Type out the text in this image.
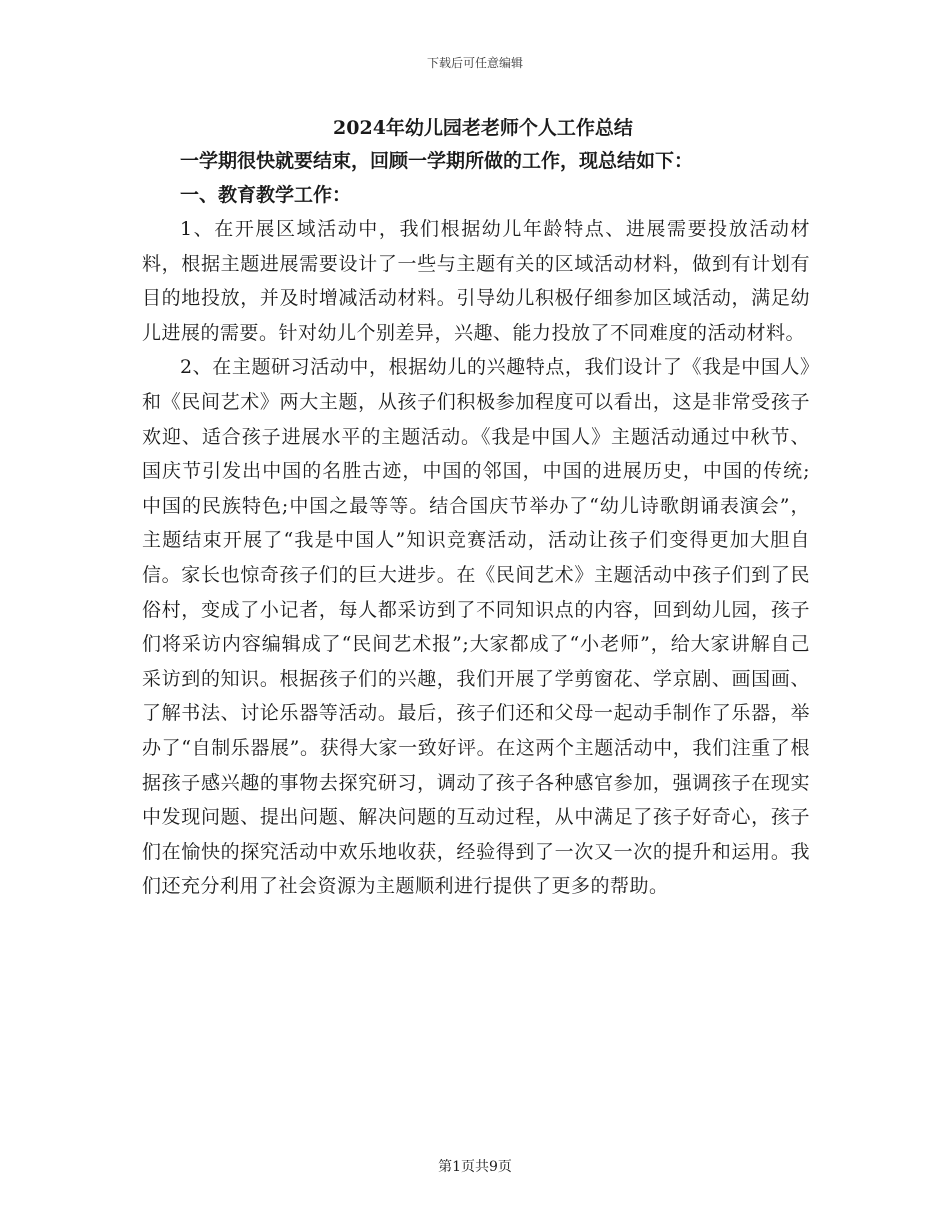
下载后可任意编辑
2024年幼儿园老老师个人工作总结

一学期很快就要结束，回顾一学期所做的工作，现总结如下：

一、教育教学工作：

1、在开展区域活动中，我们根据幼儿年龄特点、进展需要投放活动材料，根据主题进展需要设计了一些与主题有关的区域活动材料，做到有计划有目的地投放，并及时增减活动材料。引导幼儿积极仔细参加区域活动，满足幼儿进展的需要。针对幼儿个别差异，兴趣、能力投放了不同难度的活动材料。

2、在主题研习活动中，根据幼儿的兴趣特点，我们设计了《我是中国人》和《民间艺术》两大主题，从孩子们积极参加程度可以看出，这是非常受孩子欢迎、适合孩子进展水平的主题活动。《我是中国人》主题活动通过中秋节、国庆节引发出中国的名胜古迹，中国的邻国，中国的进展历史，中国的传统;中国的民族特色;中国之最等等。结合国庆节举办了“幼儿诗歌朗诵表演会”，主题结束开展了“我是中国人”知识竞赛活动，活动让孩子们变得更加大胆自信。家长也惊奇孩子们的巨大进步。在《民间艺术》主题活动中孩子们到了民俗村，变成了小记者，每人都采访到了不同知识点的内容，回到幼儿园，孩子们将采访内容编辑成了“民间艺术报”;大家都成了“小老师”，给大家讲解自己采访到的知识。根据孩子们的兴趣，我们开展了学剪窗花、学京剧、画国画、了解书法、讨论乐器等活动。最后，孩子们还和父母一起动手制作了乐器，举办了“自制乐器展”。获得大家一致好评。在这两个主题活动中，我们注重了根据孩子感兴趣的事物去探究研习，调动了孩子各种感官参加，强调孩子在现实中发现问题、提出问题、解决问题的互动过程，从中满足了孩子好奇心，孩子们在愉快的探究活动中欢乐地收获，经验得到了一次又一次的提升和运用。我们还充分利用了社会资源为主题顺利进行提供了更多的帮助。

第1页共9页
